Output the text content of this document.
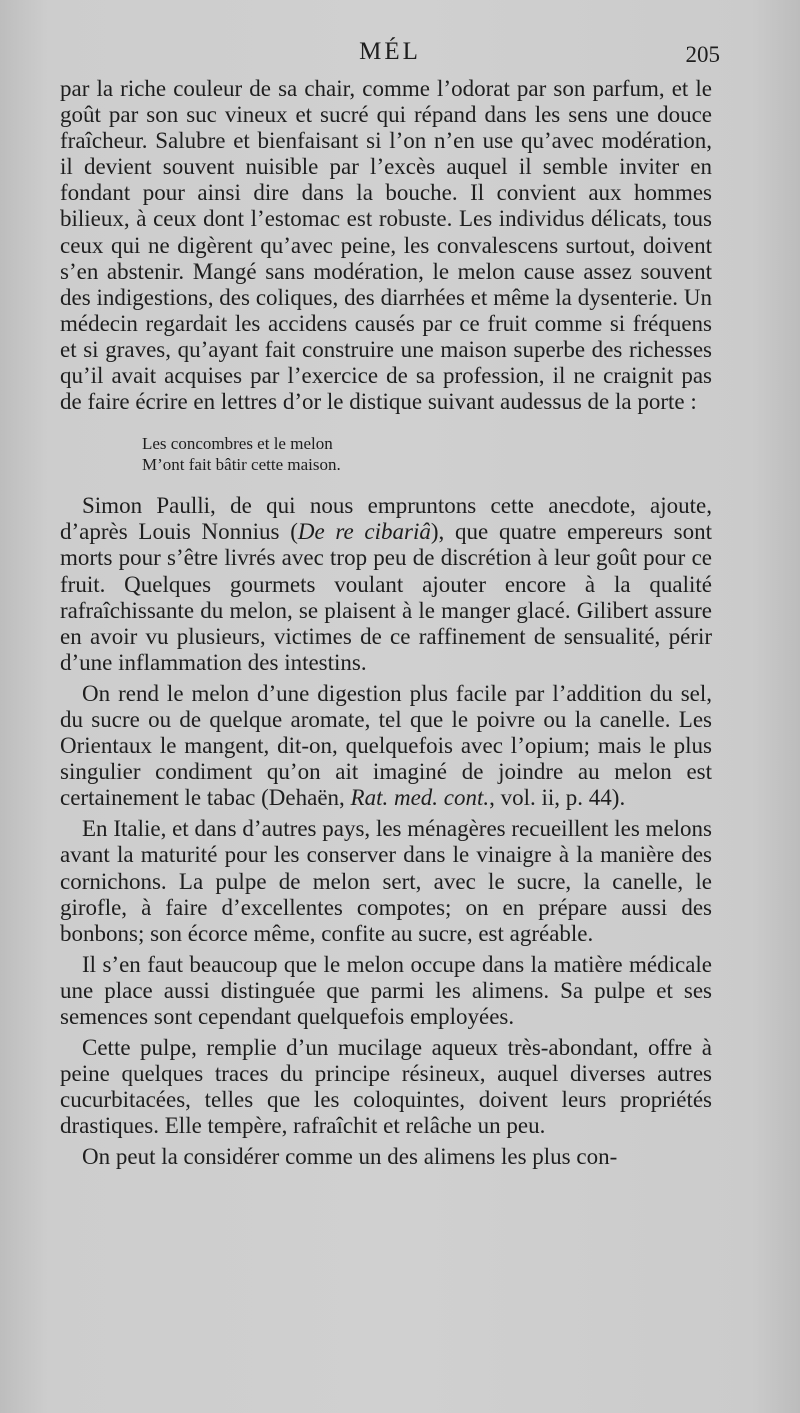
MÉL	205

par la riche couleur de sa chair, comme l’odorat par son parfum, et le goût par son suc vineux et sucré qui répand dans les sens une douce fraîcheur. Salubre et bienfaisant si l’on n’en use qu’avec modération, il devient souvent nuisible par l’excès auquel il semble inviter en fondant pour ainsi dire dans la bouche. Il convient aux hommes bilieux, à ceux dont l’estomac est robuste. Les individus délicats, tous ceux qui ne digèrent qu’avec peine, les convalescens surtout, doivent s’en abstenir. Mangé sans modération, le melon cause assez souvent des indigestions, des coliques, des diarrhées et même la dysenterie. Un médecin regardait les accidens causés par ce fruit comme si fréquens et si graves, qu’ayant fait construire une maison superbe des richesses qu’il avait acquises par l’exercice de sa profession, il ne craignit pas de faire écrire en lettres d’or le distique suivant audessus de la porte :

Les concombres et le melon
M’ont fait bâtir cette maison.

Simon Paulli, de qui nous empruntons cette anecdote, ajoute, d’après Louis Nonnius (De re cibariâ), que quatre empereurs sont morts pour s’être livrés avec trop peu de discrétion à leur goût pour ce fruit. Quelques gourmets voulant ajouter encore à la qualité rafraîchissante du melon, se plaisent à le manger glacé. Gilibert assure en avoir vu plusieurs, victimes de ce raffinement de sensualité, périr d’une inflammation des intestins.

On rend le melon d’une digestion plus facile par l’addition du sel, du sucre ou de quelque aromate, tel que le poivre ou la canelle. Les Orientaux le mangent, dit-on, quelquefois avec l’opium; mais le plus singulier condiment qu’on ait imaginé de joindre au melon est certainement le tabac (Dehaën, Rat. med. cont., vol. ii, p. 44).

En Italie, et dans d’autres pays, les ménagères recueillent les melons avant la maturité pour les conserver dans le vinaigre à la manière des cornichons. La pulpe de melon sert, avec le sucre, la canelle, le girofle, à faire d’excellentes compotes; on en prépare aussi des bonbons; son écorce même, confite au sucre, est agréable.

Il s’en faut beaucoup que le melon occupe dans la matière médicale une place aussi distinguée que parmi les alimens. Sa pulpe et ses semences sont cependant quelquefois employées.

Cette pulpe, remplie d’un mucilage aqueux très-abondant, offre à peine quelques traces du principe résineux, auquel diverses autres cucurbitacées, telles que les coloquintes, doivent leurs propriétés drastiques. Elle tempère, rafraîchit et relâche un peu.

On peut la considérer comme un des alimens les plus con-
